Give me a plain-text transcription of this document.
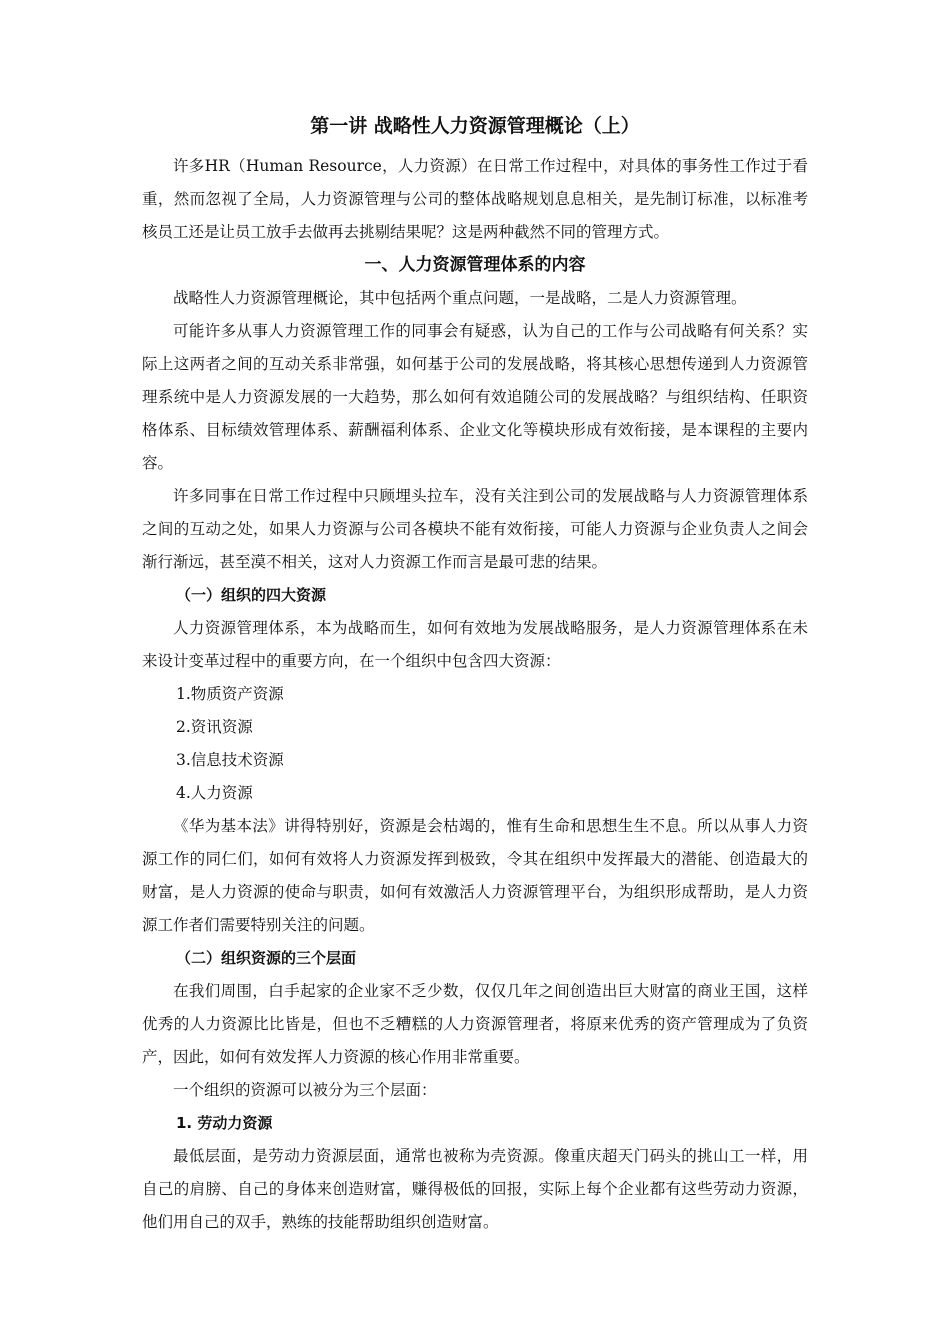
第一讲 战略性人力资源管理概论（上）

许多HR（Human Resource，人力资源）在日常工作过程中，对具体的事务性工作过于看重，然而忽视了全局，人力资源管理与公司的整体战略规划息息相关，是先制订标准，以标准考核员工还是让员工放手去做再去挑剔结果呢？这是两种截然不同的管理方式。

一、人力资源管理体系的内容

战略性人力资源管理概论，其中包括两个重点问题，一是战略，二是人力资源管理。

可能许多从事人力资源管理工作的同事会有疑惑，认为自己的工作与公司战略有何关系？实际上这两者之间的互动关系非常强，如何基于公司的发展战略，将其核心思想传递到人力资源管理系统中是人力资源发展的一大趋势，那么如何有效追随公司的发展战略？与组织结构、任职资格体系、目标绩效管理体系、薪酬福利体系、企业文化等模块形成有效衔接，是本课程的主要内容。

许多同事在日常工作过程中只顾埋头拉车，没有关注到公司的发展战略与人力资源管理体系之间的互动之处，如果人力资源与公司各模块不能有效衔接，可能人力资源与企业负责人之间会渐行渐远，甚至漠不相关，这对人力资源工作而言是最可悲的结果。

（一）组织的四大资源

人力资源管理体系，本为战略而生，如何有效地为发展战略服务，是人力资源管理体系在未来设计变革过程中的重要方向，在一个组织中包含四大资源：

1.物质资产资源

2.资讯资源

3.信息技术资源

4.人力资源

《华为基本法》讲得特别好，资源是会枯竭的，惟有生命和思想生生不息。所以从事人力资源工作的同仁们，如何有效将人力资源发挥到极致，令其在组织中发挥最大的潜能、创造最大的财富，是人力资源的使命与职责，如何有效激活人力资源管理平台，为组织形成帮助，是人力资源工作者们需要特别关注的问题。

（二）组织资源的三个层面

在我们周围，白手起家的企业家不乏少数，仅仅几年之间创造出巨大财富的商业王国，这样优秀的人力资源比比皆是，但也不乏糟糕的人力资源管理者，将原来优秀的资产管理成为了负资产，因此，如何有效发挥人力资源的核心作用非常重要。

一个组织的资源可以被分为三个层面：

1. 劳动力资源

最低层面，是劳动力资源层面，通常也被称为壳资源。像重庆超天门码头的挑山工一样，用自己的肩膀、自己的身体来创造财富，赚得极低的回报，实际上每个企业都有这些劳动力资源，他们用自己的双手，熟练的技能帮助组织创造财富。
